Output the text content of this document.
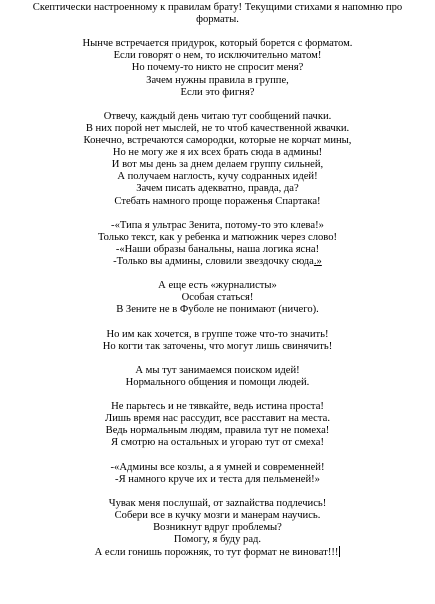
Скептически настроенному к правилам брату! Текущими стихами я напомню про
форматы.
Нынче встречается придурок, который борется с форматом.
Если говорят о нем, то исключительно матом!
Но почему-то никто не спросит меня?
Зачем нужны правила в группе,
Если это фигня?
Отвечу, каждый день читаю тут сообщений пачки.
В них порой нет мыслей, не то чтоб качественной жвачки.
Конечно, встречаются самородки, которые не корчат мины,
Но не могу же я их всех брать сюда в админы!
И вот мы день за днем делаем группу сильней,
А получаем наглость, кучу содранных идей!
Зачем писать адекватно, правда, да?
Стебать намного проще пораженья Спартака!
-«Типа я ультрас Зенита, потому-то это клева!»
Только текст, как у ребенка и матюжник через слово!
-«Наши образы банальны, наша логика ясна!
-Только вы админы, словили звездочку сюда.»
А еще есть «журналисты»
Особая статься!
В Зените не в Фуболе не понимают (ничего).
Но им как хочется, в группе тоже что-то значить!
Но когти так заточены, что могут лишь свинячить!
А мы тут занимаемся поиском идей!
Нормального общения и помощи людей.
Не парьтесь и не тявкайте, ведь истина проста!
Лишь время нас рассудит, все расставит на места.
Ведь нормальным людям, правила тут не помеха!
Я смотрю на остальных и угораю тут от смеха!
-«Админы все козлы, а я умней и современней!
-Я намного круче их и теста для пельменей!»
Чувак меня послушай, от заznайства подлечись!
Собери все в кучку мозги и манерам научись.
Возникнут вдруг проблемы?
Помогу, я буду рад.
А если гонишь порожняк, то тут формат не виноват!!!
